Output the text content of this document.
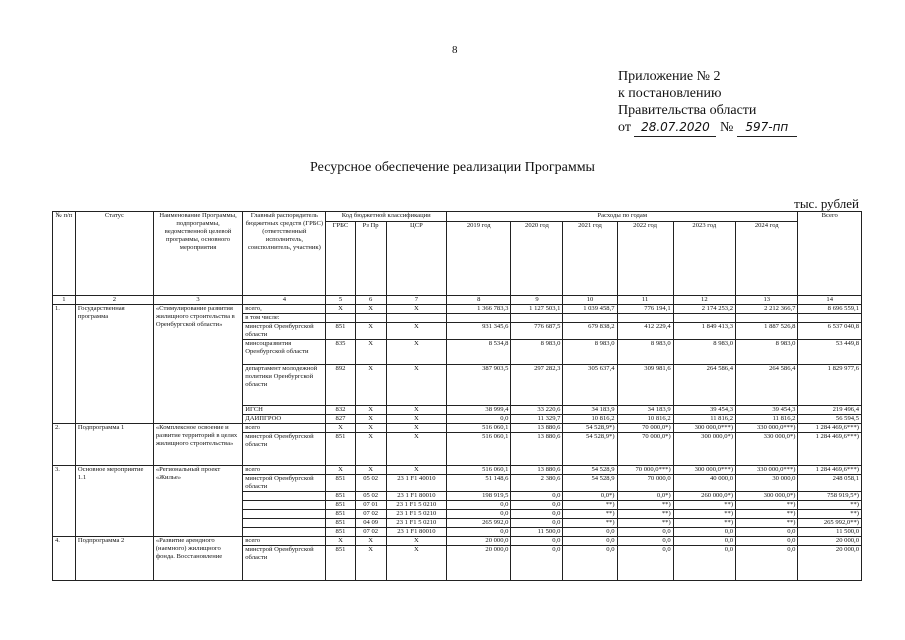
8
Приложение № 2
к постановлению
Правительства области
от 28.07.2020 № 597-пп
Ресурсное обеспечение реализации Программы
тыс. рублей
№ п/п	Статус	Наименование Программы, подпрограммы, ведомственной целевой программы, основного мероприятия	Главный распорядитель бюджетных средств (ГРБС) (ответственный исполнитель, соисполнитель, участник)	Код бюджетной классификации			Расходы по годам						Всего
				ГРБС	Рз Пр	ЦСР	2019 год	2020 год	2021 год	2022 год	2023 год	2024 год	
1	2	3	4	5	6	7	8	9	10	11	12	13	14
1.	Государственная программа	«Стимулирование развития жилищного строительства в Оренбургской области»	всего,	X	X	X	1 366 783,3	1 127 503,1	1 039 458,7	776 194,1	2 174 253,2	2 212 366,7	8 696 559,1
			в том числе:										
			минстрой Оренбургской области	851	X	X	931 345,6	776 687,5	679 838,2	412 229,4	1 849 413,3	1 887 526,8	6 537 040,8
			минсоцразвития Оренбургской области	835	X	X	8 534,8	8 983,0	8 983,0	8 983,0	8 983,0	8 983,0	53 449,8
			департамент молодежной политики Оренбургской области	892	X	X	387 903,5	297 282,3	305 637,4	309 981,6	264 586,4	264 586,4	1 829 977,6
			ИГСН	832	X	X	38 999,4	33 220,6	34 183,9	34 183,9	39 454,3	39 454,3	219 496,4
			ДАИПГРОО	827	X	X	0,0	11 329,7	10 816,2	10 816,2	11 816,2	11 816,2	56 594,5
2.	Подпрограмма 1	«Комплексное освоение и развитие территорий в целях жилищного строительства»	всего	X	X	X	516 060,1	13 880,6	54 528,9*)	70 000,0*)	300 000,0***)	330 000,0***)	1 284 469,6***)
			минстрой Оренбургской области	851	X	X	516 060,1	13 880,6	54 528,9*)	70 000,0*)	300 000,0*)	330 000,0*)	1 284 469,6***)
3.	Основное мероприятие 1.1	«Региональный проект «Жилье»	всего	X	X	X	516 060,1	13 880,6	54 528,9	70 000,0***)	300 000,0***)	330 000,0***)	1 284 469,6***)
			минстрой Оренбургской области	851	05 02	23 1 F1 40010	51 148,6	2 380,6	54 528,9	70 000,0	40 000,0	30 000,0	248 058,1
				851	05 02	23 1 F1 80010	198 919,5	0,0	0,0*)	0,0*)	260 000,0*)	300 000,0*)	758 919,5*)
				851	07 01	23 1 F1 5 0210	0,0	0,0	**)	**)	**)	**)	**)
				851	07 02	23 1 F1 5 0210	0,0	0,0	**)	**)	**)	**)	**)
				851	04 09	23 1 F1 5 0210	265 992,0	0,0	**)	**)	**)	**)	265 992,0**)
				851	07 02	23 1 F1 80010	0,0	11 500,0	0,0	0,0	0,0	0,0	11 500,0
4.	Подпрограмма 2	«Развитие арендного (наемного) жилищного фонда. Восстановление	всего	X	X	X	20 000,0	0,0	0,0	0,0	0,0	0,0	20 000,0
			минстрой Оренбургской области	851	X	X	20 000,0	0,0	0,0	0,0	0,0	0,0	20 000,0
